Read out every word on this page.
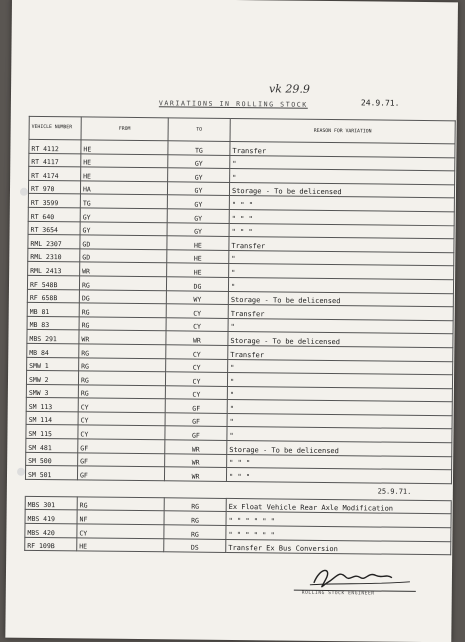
vk 29.9
VARIATIONS IN ROLLING STOCK	24.9.71.
VEHICLE NUMBER	FROM	TO	REASON FOR VARIATION
RT 4112	HE	TG	Transfer
RT 4117	HE	GY	"
RT 4174	HE	GY	"
RT 970	HA	GY	Storage - To be delicensed
RT 3599	TG	GY	" " "
RT 640	GY	GY	" " "
RT 3654	GY	GY	" " "
RML 2307	GD	HE	Transfer
RML 2310	GD	HE	"
RML 2413	WR	HE	"
RF 548B	RG	DG	"
RF 658B	DG	WY	Storage - To be delicensed
MB 81	RG	CY	Transfer
MB 83	RG	CY	"
MBS 291	WR	WR	Storage - To be delicensed
MB 84	RG	CY	Transfer
SMW 1	RG	CY	"
SMW 2	RG	CY	"
SMW 3	RG	CY	"
SM 113	CY	GF	"
SM 114	CY	GF	"
SM 115	CY	GF	"
SM 481	GF	WR	Storage - To be delicensed
SM 500	GF	WR	" " "
SM 501	GF	WR	" " "
25.9.71.			
MBS 301	RG	RG	Ex Float Vehicle Rear Axle Modification
MBS 419	NF	RG	" " " " " "
MBS 420	CY	RG	" " " " " "
RF 109B	HE	DS	Transfer Ex Bus Conversion
ROLLING STOCK ENGINEER
